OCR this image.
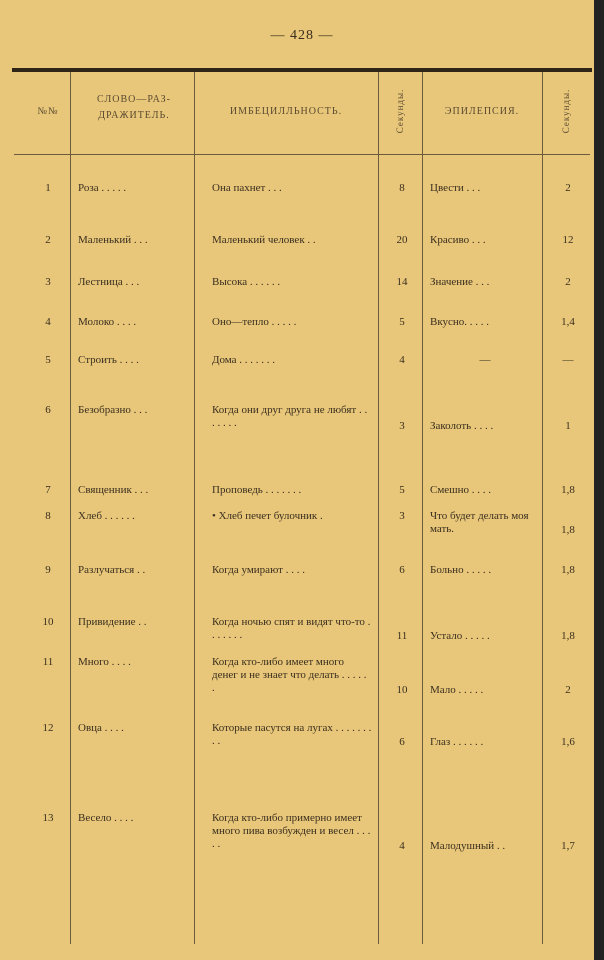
— 428 —
№№
СЛОВО—РАЗ-ДРАЖИТЕЛЬ.	ИМБЕЦИЛЛЬНОСТЬ.	Секунды.	ЭПИЛЕПСИЯ.	Секунды.
1	Роза . . . . .	Она пахнет . . .	8	Цвести . . .	2
2	Маленький . . .	Маленький человек . .	20	Красиво . . .	12
3	Лестница . . .	Высока . . . . . .	14	Значение . . .	2
4	Молоко . . . .	Оно—тепло . . . . .	5	Вкусно. . . . .	1,4
5	Строить . . . .	Дома . . . . . . .	4	—	—
6	Безобразно . . .	Когда они друг друга не любят . . . . . . .	3	Заколоть . . . .	1
7	Священник . . .	Проповедь . . . . . . .	5	Смешно . . . .	1,8
8	Хлеб . . . . . .	• Хлеб печет булочник .	3	Что будет делать моя мать.	1,8
9	Разлучаться . .	Когда умирают . . . .	6	Больно . . . . .	1,8
10	Привидение . .	Когда ночью спят и видят что-то . . . . . . .	11	Устало . . . . .	1,8
11	Много . . . .	Когда кто-либо имеет много денег и не знает что делать . . . . . .	10	Мало . . . . .	2
12	Овца . . . .	Которые пасутся на лугах . . . . . . . . .	6	Глаз . . . . . .	1,6
13	Весело . . . .	Когда кто-либо примерно имеет много пива возбужден и весел . . . . .	4	Малодушный . .	1,7
